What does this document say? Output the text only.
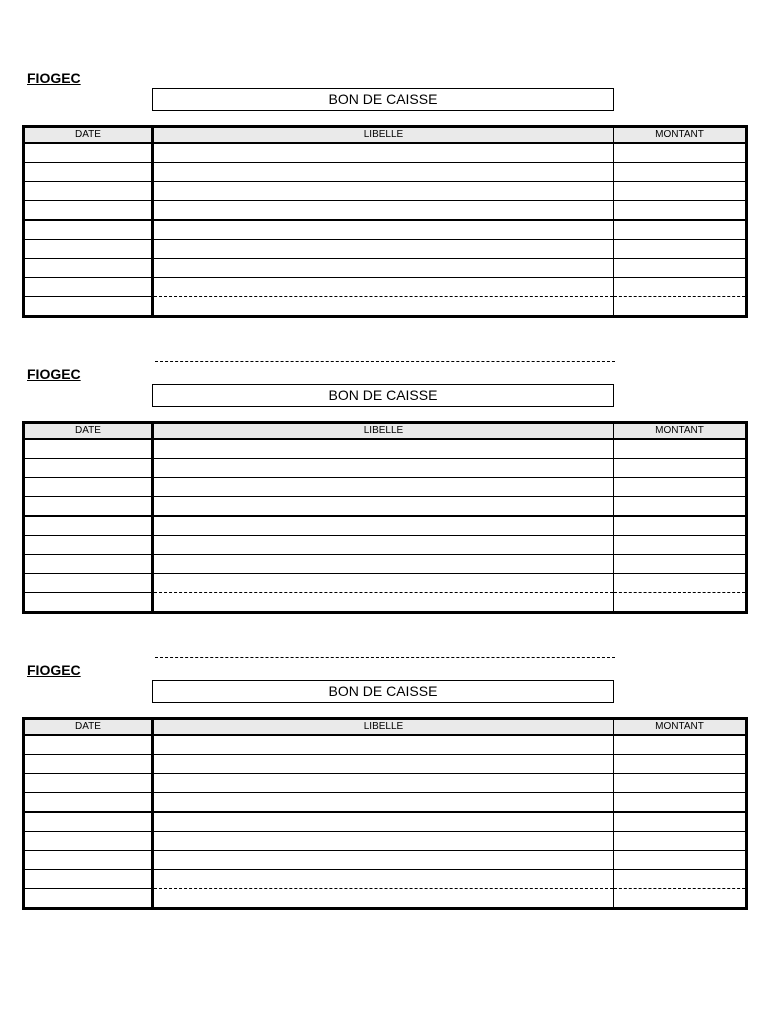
FIOGEC

BON DE CAISSE

DATE	LIBELLE	MONTANT

FIOGEC

BON DE CAISSE

DATE	LIBELLE	MONTANT

FIOGEC

BON DE CAISSE

DATE	LIBELLE	MONTANT
